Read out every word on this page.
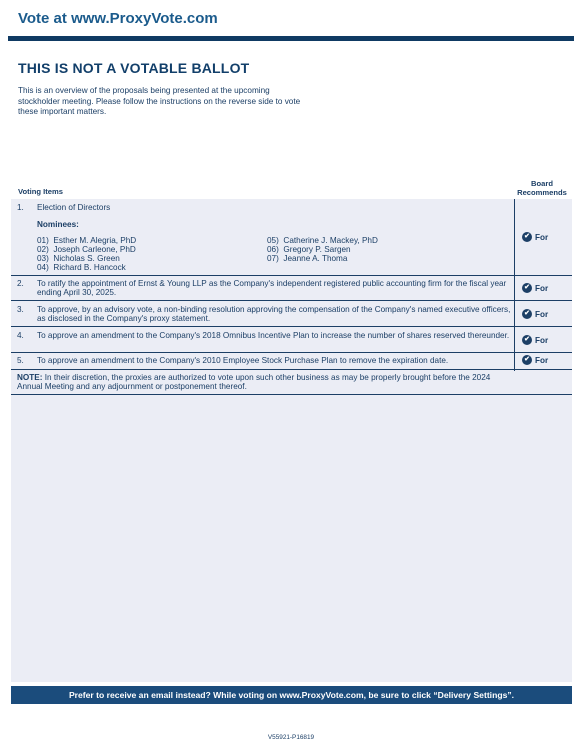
Vote at www.ProxyVote.com
THIS IS NOT A VOTABLE BALLOT
This is an overview of the proposals being presented at the upcoming stockholder meeting. Please follow the instructions on the reverse side to vote these important matters.
Voting Items
Board
Recommends
1. Election of Directors
Nominees:
01) Esther M. Alegria, PhD
02) Joseph Carleone, PhD
03) Nicholas S. Green
04) Richard B. Hancock
05) Catherine J. Mackey, PhD
06) Gregory P. Sargen
07) Jeanne A. Thoma
✔ For
2. To ratify the appointment of Ernst & Young LLP as the Company's independent registered public accounting firm for the fiscal year ending April 30, 2025.
✔ For
3. To approve, by an advisory vote, a non-binding resolution approving the compensation of the Company's named executive officers, as disclosed in the Company's proxy statement.
✔ For
4. To approve an amendment to the Company's 2018 Omnibus Incentive Plan to increase the number of shares reserved thereunder.	✔ For
5. To approve an amendment to the Company's 2010 Employee Stock Purchase Plan to remove the expiration date.	✔ For
NOTE: In their discretion, the proxies are authorized to vote upon such other business as may be properly brought before the 2024 Annual Meeting and any adjournment or postponement thereof.
Prefer to receive an email instead? While voting on www.ProxyVote.com, be sure to click “Delivery Settings”.
V55921-P16819
